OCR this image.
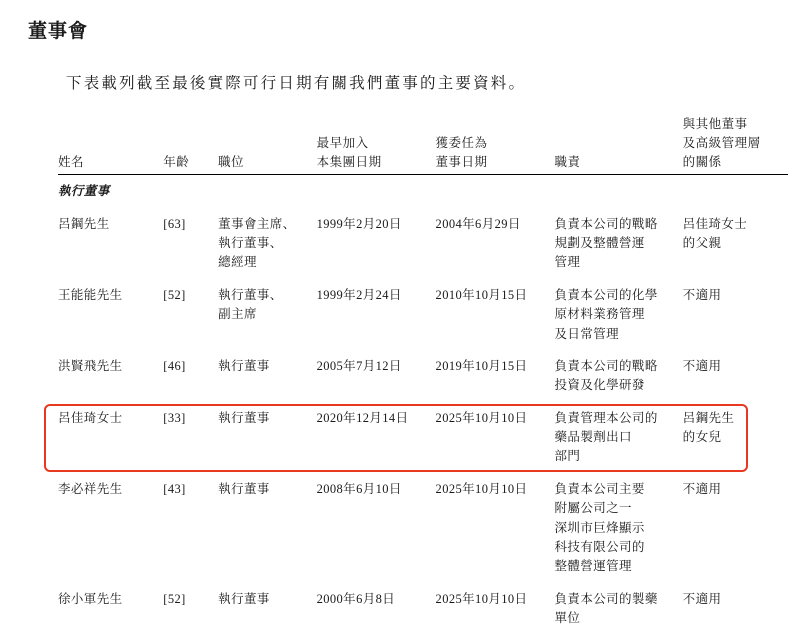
董事會

下表載列截至最後實際可行日期有關我們董事的主要資料。

姓名	年齡	職位	最早加入
本集團日期	獲委任為
董事日期	職責	與其他董事
及高級管理層
的關係

執行董事						
呂鋼先生	[63]	董事會主席、
執行董事、
總經理	1999年2月20日	2004年6月29日	負責本公司的戰略
規劃及整體營運
管理	呂佳琦女士
的父親

王能能先生	[52]	執行董事、
副主席	1999年2月24日	2010年10月15日	負責本公司的化學
原材料業務管理
及日常管理	不適用

洪賢飛先生	[46]	執行董事	2005年7月12日	2019年10月15日	負責本公司的戰略
投資及化學研發	不適用

呂佳琦女士	[33]	執行董事	2020年12月14日	2025年10月10日	負責管理本公司的
藥品製劑出口
部門	呂鋼先生
的女兒

李必祥先生	[43]	執行董事	2008年6月10日	2025年10月10日	負責本公司主要
附屬公司之一
深圳市巨烽顯示
科技有限公司的
整體營運管理	不適用

徐小軍先生	[52]	執行董事	2000年6月8日	2025年10月10日	負責本公司的製藥
單位	不適用
